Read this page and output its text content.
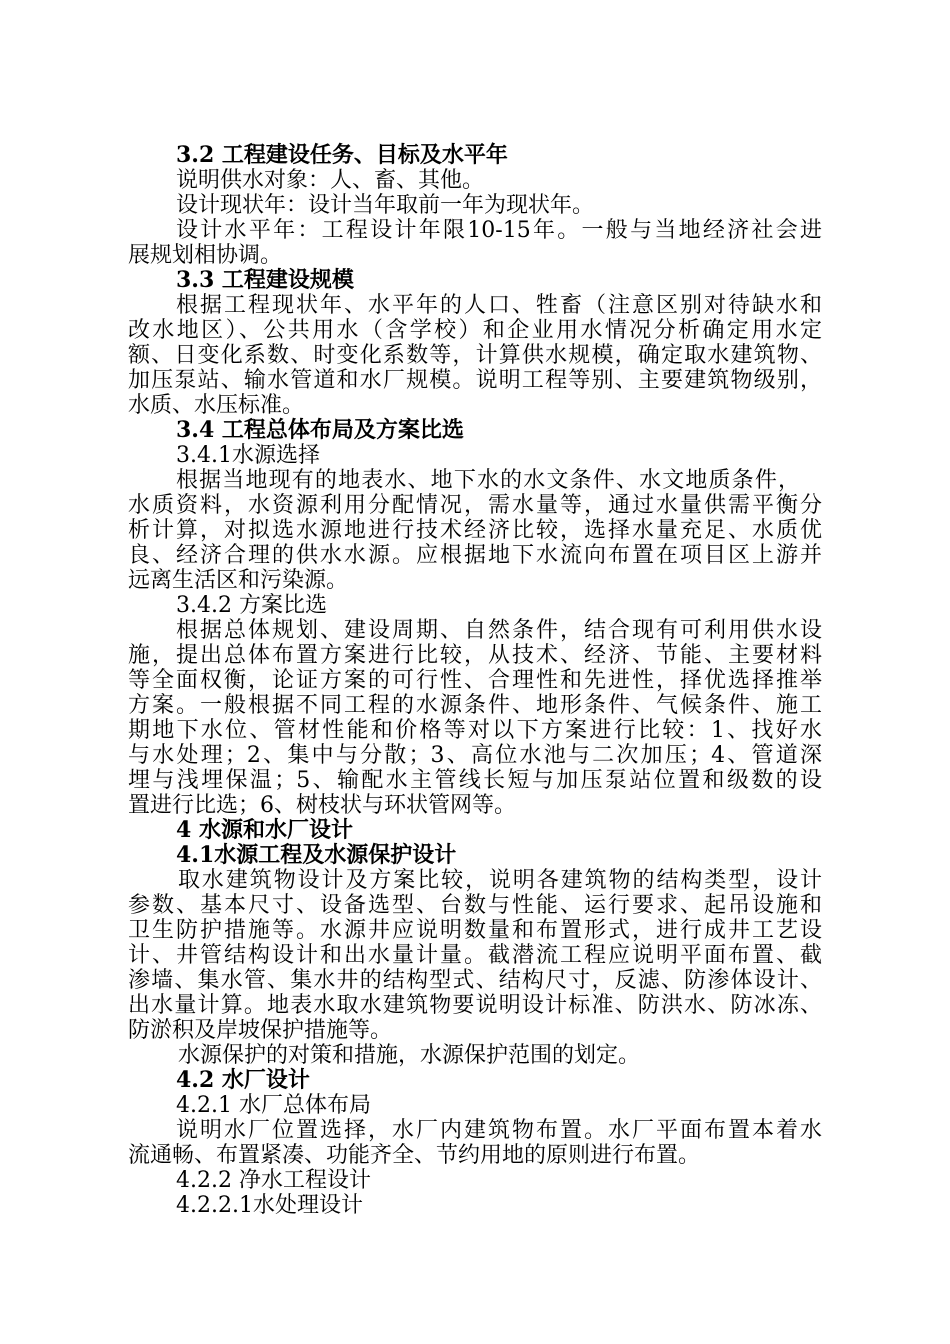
3.2 工程建设任务、目标及水平年
说明供水对象：人、畜、其他。
设计现状年：设计当年取前一年为现状年。
设计水平年：工程设计年限10-15年。一般与当地经济社会进
展规划相协调。
3.3 工程建设规模
根据工程现状年、水平年的人口、牲畜（注意区别对待缺水和
改水地区）、公共用水（含学校）和企业用水情况分析确定用水定
额、日变化系数、时变化系数等，计算供水规模，确定取水建筑物、
加压泵站、输水管道和水厂规模。说明工程等别、主要建筑物级别，
水质、水压标准。
3.4 工程总体布局及方案比选
3.4.1水源选择
根据当地现有的地表水、地下水的水文条件、水文地质条件，
水质资料，水资源利用分配情况，需水量等，通过水量供需平衡分
析计算，对拟选水源地进行技术经济比较，选择水量充足、水质优
良、经济合理的供水水源。应根据地下水流向布置在项目区上游并
远离生活区和污染源。
3.4.2 方案比选
根据总体规划、建设周期、自然条件，结合现有可利用供水设
施，提出总体布置方案进行比较，从技术、经济、节能、主要材料
等全面权衡，论证方案的可行性、合理性和先进性，择优选择推举
方案。一般根据不同工程的水源条件、地形条件、气候条件、施工
期地下水位、管材性能和价格等对以下方案进行比较：1、找好水
与水处理；2、集中与分散；3、高位水池与二次加压；4、管道深
埋与浅埋保温；5、输配水主管线长短与加压泵站位置和级数的设
置进行比选；6、树枝状与环状管网等。
4 水源和水厂设计
4.1水源工程及水源保护设计
取水建筑物设计及方案比较，说明各建筑物的结构类型，设计
参数、基本尺寸、设备选型、台数与性能、运行要求、起吊设施和
卫生防护措施等。水源井应说明数量和布置形式，进行成井工艺设
计、井管结构设计和出水量计量。截潜流工程应说明平面布置、截
渗墙、集水管、集水井的结构型式、结构尺寸，反滤、防渗体设计、
出水量计算。地表水取水建筑物要说明设计标准、防洪水、防冰冻、
防淤积及岸坡保护措施等。
水源保护的对策和措施，水源保护范围的划定。
4.2 水厂设计
4.2.1 水厂总体布局
说明水厂位置选择，水厂内建筑物布置。水厂平面布置本着水
流通畅、布置紧凑、功能齐全、节约用地的原则进行布置。
4.2.2 净水工程设计
4.2.2.1水处理设计
